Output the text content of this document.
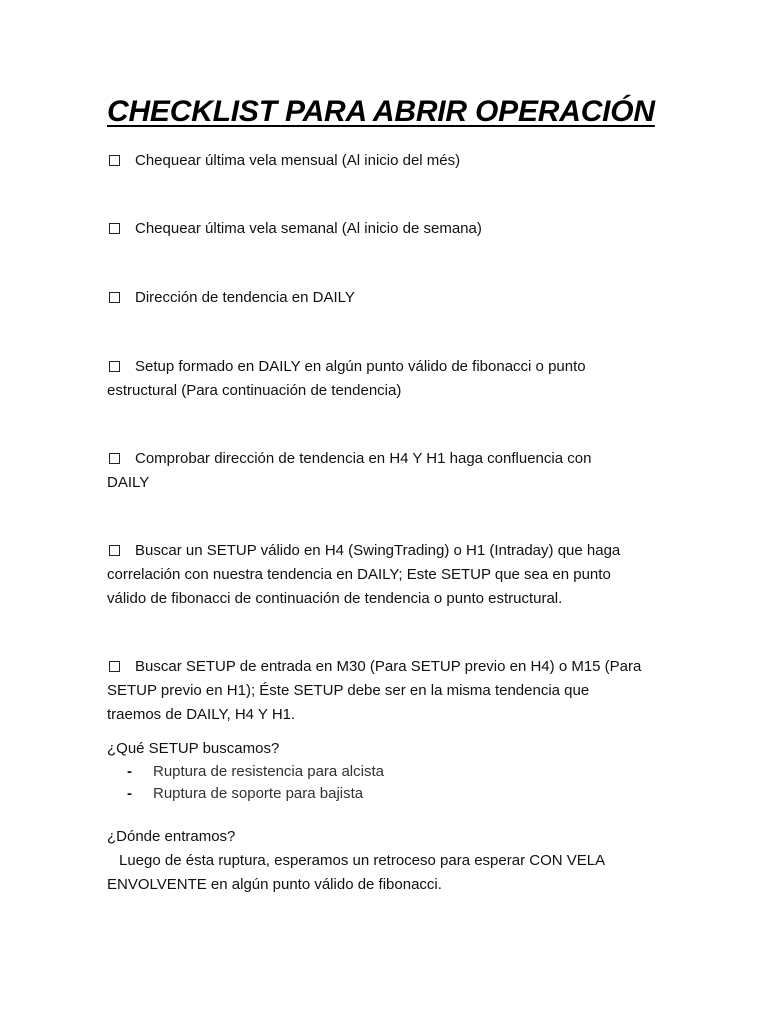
CHECKLIST PARA ABRIR OPERACIÓN
Chequear última vela mensual (Al inicio del més)
Chequear última vela semanal (Al inicio de semana)
Dirección de tendencia en DAILY
Setup formado en DAILY en algún punto válido de fibonacci o punto
estructural (Para continuación de tendencia)
Comprobar dirección de tendencia en H4 Y H1 haga confluencia con
DAILY
Buscar un SETUP válido en H4 (SwingTrading) o H1 (Intraday) que haga
correlación con nuestra tendencia en DAILY; Este SETUP que sea en punto
válido de fibonacci de continuación de tendencia o punto estructural.
Buscar SETUP de entrada en M30 (Para SETUP previo en H4) o M15 (Para
SETUP previo en H1); Éste SETUP debe ser en la misma tendencia que
traemos de DAILY, H4 Y H1.
¿Qué SETUP buscamos?
- Ruptura de resistencia para alcista
- Ruptura de soporte para bajista
¿Dónde entramos?
Luego de ésta ruptura, esperamos un retroceso para esperar CON VELA
ENVOLVENTE en algún punto válido de fibonacci.
